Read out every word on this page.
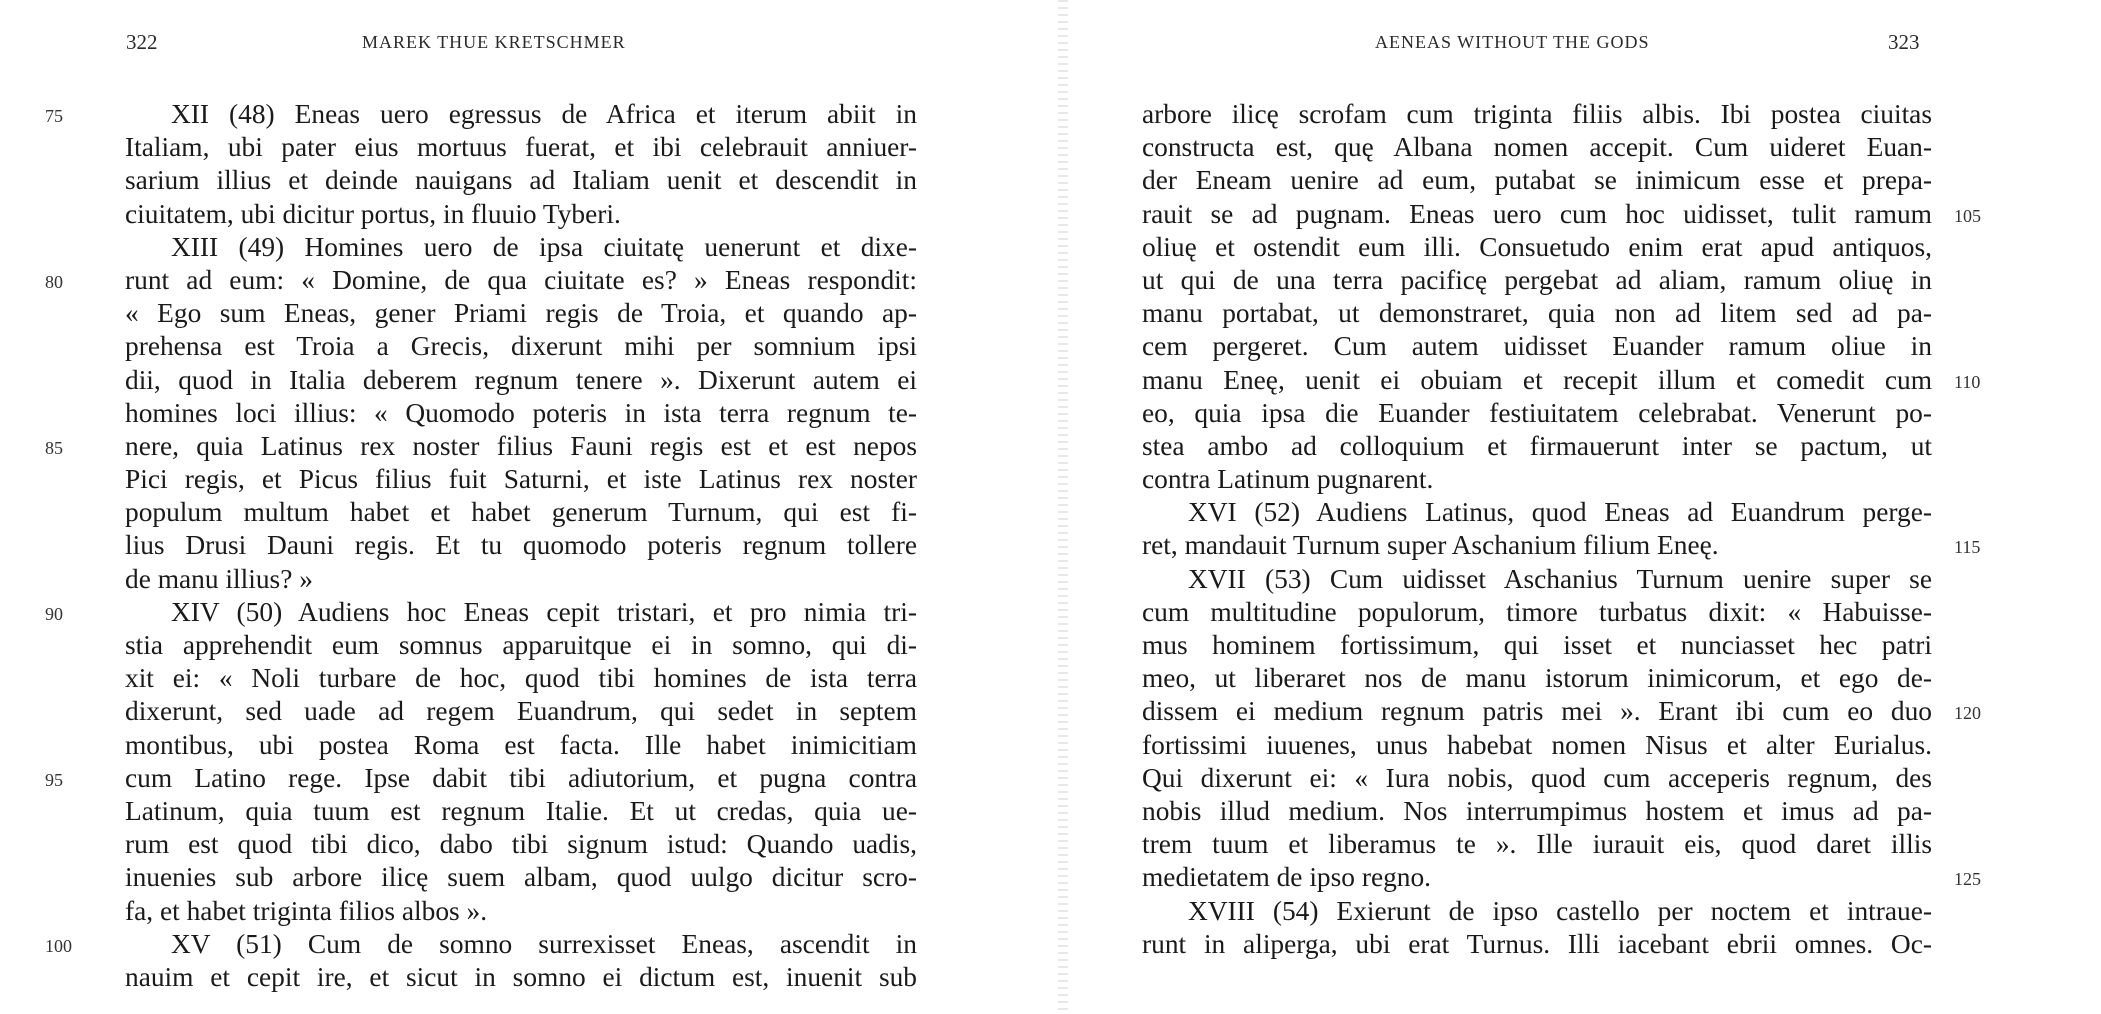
322	MAREK THUE KRETSCHMER
XII (48) Eneas uero egressus de Africa et iterum abiit in
75
Italiam, ubi pater eius mortuus fuerat, et ibi celebrauit anniuer-
sarium illius et deinde nauigans ad Italiam uenit et descendit in
ciuitatem, ubi dicitur portus, in fluuio Tyberi.
XIII (49) Homines uero de ipsa ciuitatę uenerunt et dixe-
runt ad eum: « Domine, de qua ciuitate es? » Eneas respondit:
80
« Ego sum Eneas, gener Priami regis de Troia, et quando ap-
prehensa est Troia a Grecis, dixerunt mihi per somnium ipsi
dii, quod in Italia deberem regnum tenere ». Dixerunt autem ei
homines loci illius: « Quomodo poteris in ista terra regnum te-
nere, quia Latinus rex noster filius Fauni regis est et est nepos
85
Pici regis, et Picus filius fuit Saturni, et iste Latinus rex noster
populum multum habet et habet generum Turnum, qui est fi-
lius Drusi Dauni regis. Et tu quomodo poteris regnum tollere
de manu illius? »
XIV (50) Audiens hoc Eneas cepit tristari, et pro nimia tri-
90
stia apprehendit eum somnus apparuitque ei in somno, qui di-
xit ei: « Noli turbare de hoc, quod tibi homines de ista terra
dixerunt, sed uade ad regem Euandrum, qui sedet in septem
montibus, ubi postea Roma est facta. Ille habet inimicitiam
cum Latino rege. Ipse dabit tibi adiutorium, et pugna contra
95
Latinum, quia tuum est regnum Italie. Et ut credas, quia ue-
rum est quod tibi dico, dabo tibi signum istud: Quando uadis,
inuenies sub arbore ilicę suem albam, quod uulgo dicitur scro-
fa, et habet triginta filios albos ».
XV (51) Cum de somno surrexisset Eneas, ascendit in
100
nauim et cepit ire, et sicut in somno ei dictum est, inuenit sub
AENEAS WITHOUT THE GODS	323
arbore ilicę scrofam cum triginta filiis albis. Ibi postea ciuitas
constructa est, quę Albana nomen accepit. Cum uideret Euan-
der Eneam uenire ad eum, putabat se inimicum esse et prepa-
rauit se ad pugnam. Eneas uero cum hoc uidisset, tulit ramum 105
oliuę et ostendit eum illi. Consuetudo enim erat apud antiquos,
ut qui de una terra pacificę pergebat ad aliam, ramum oliuę in
manu portabat, ut demonstraret, quia non ad litem sed ad pa-
cem pergeret. Cum autem uidisset Euander ramum oliue in
manu Eneę, uenit ei obuiam et recepit illum et comedit cum 110
eo, quia ipsa die Euander festiuitatem celebrabat. Venerunt po-
stea ambo ad colloquium et firmauerunt inter se pactum, ut
contra Latinum pugnarent.
XVI (52) Audiens Latinus, quod Eneas ad Euandrum perge-
ret, mandauit Turnum super Aschanium filium Eneę.	115
XVII (53) Cum uidisset Aschanius Turnum uenire super se
cum multitudine populorum, timore turbatus dixit: « Habuisse-
mus hominem fortissimum, qui isset et nunciasset hec patri
meo, ut liberaret nos de manu istorum inimicorum, et ego de-
dissem ei medium regnum patris mei ». Erant ibi cum eo duo 120
fortissimi iuuenes, unus habebat nomen Nisus et alter Eurialus.
Qui dixerunt ei: « Iura nobis, quod cum acceperis regnum, des
nobis illud medium. Nos interrumpimus hostem et imus ad pa-
trem tuum et liberamus te ». Ille iurauit eis, quod daret illis
medietatem de ipso regno.	125
XVIII (54) Exierunt de ipso castello per noctem et intraue-
runt in aliperga, ubi erat Turnus. Illi iacebant ebrii omnes. Oc-
